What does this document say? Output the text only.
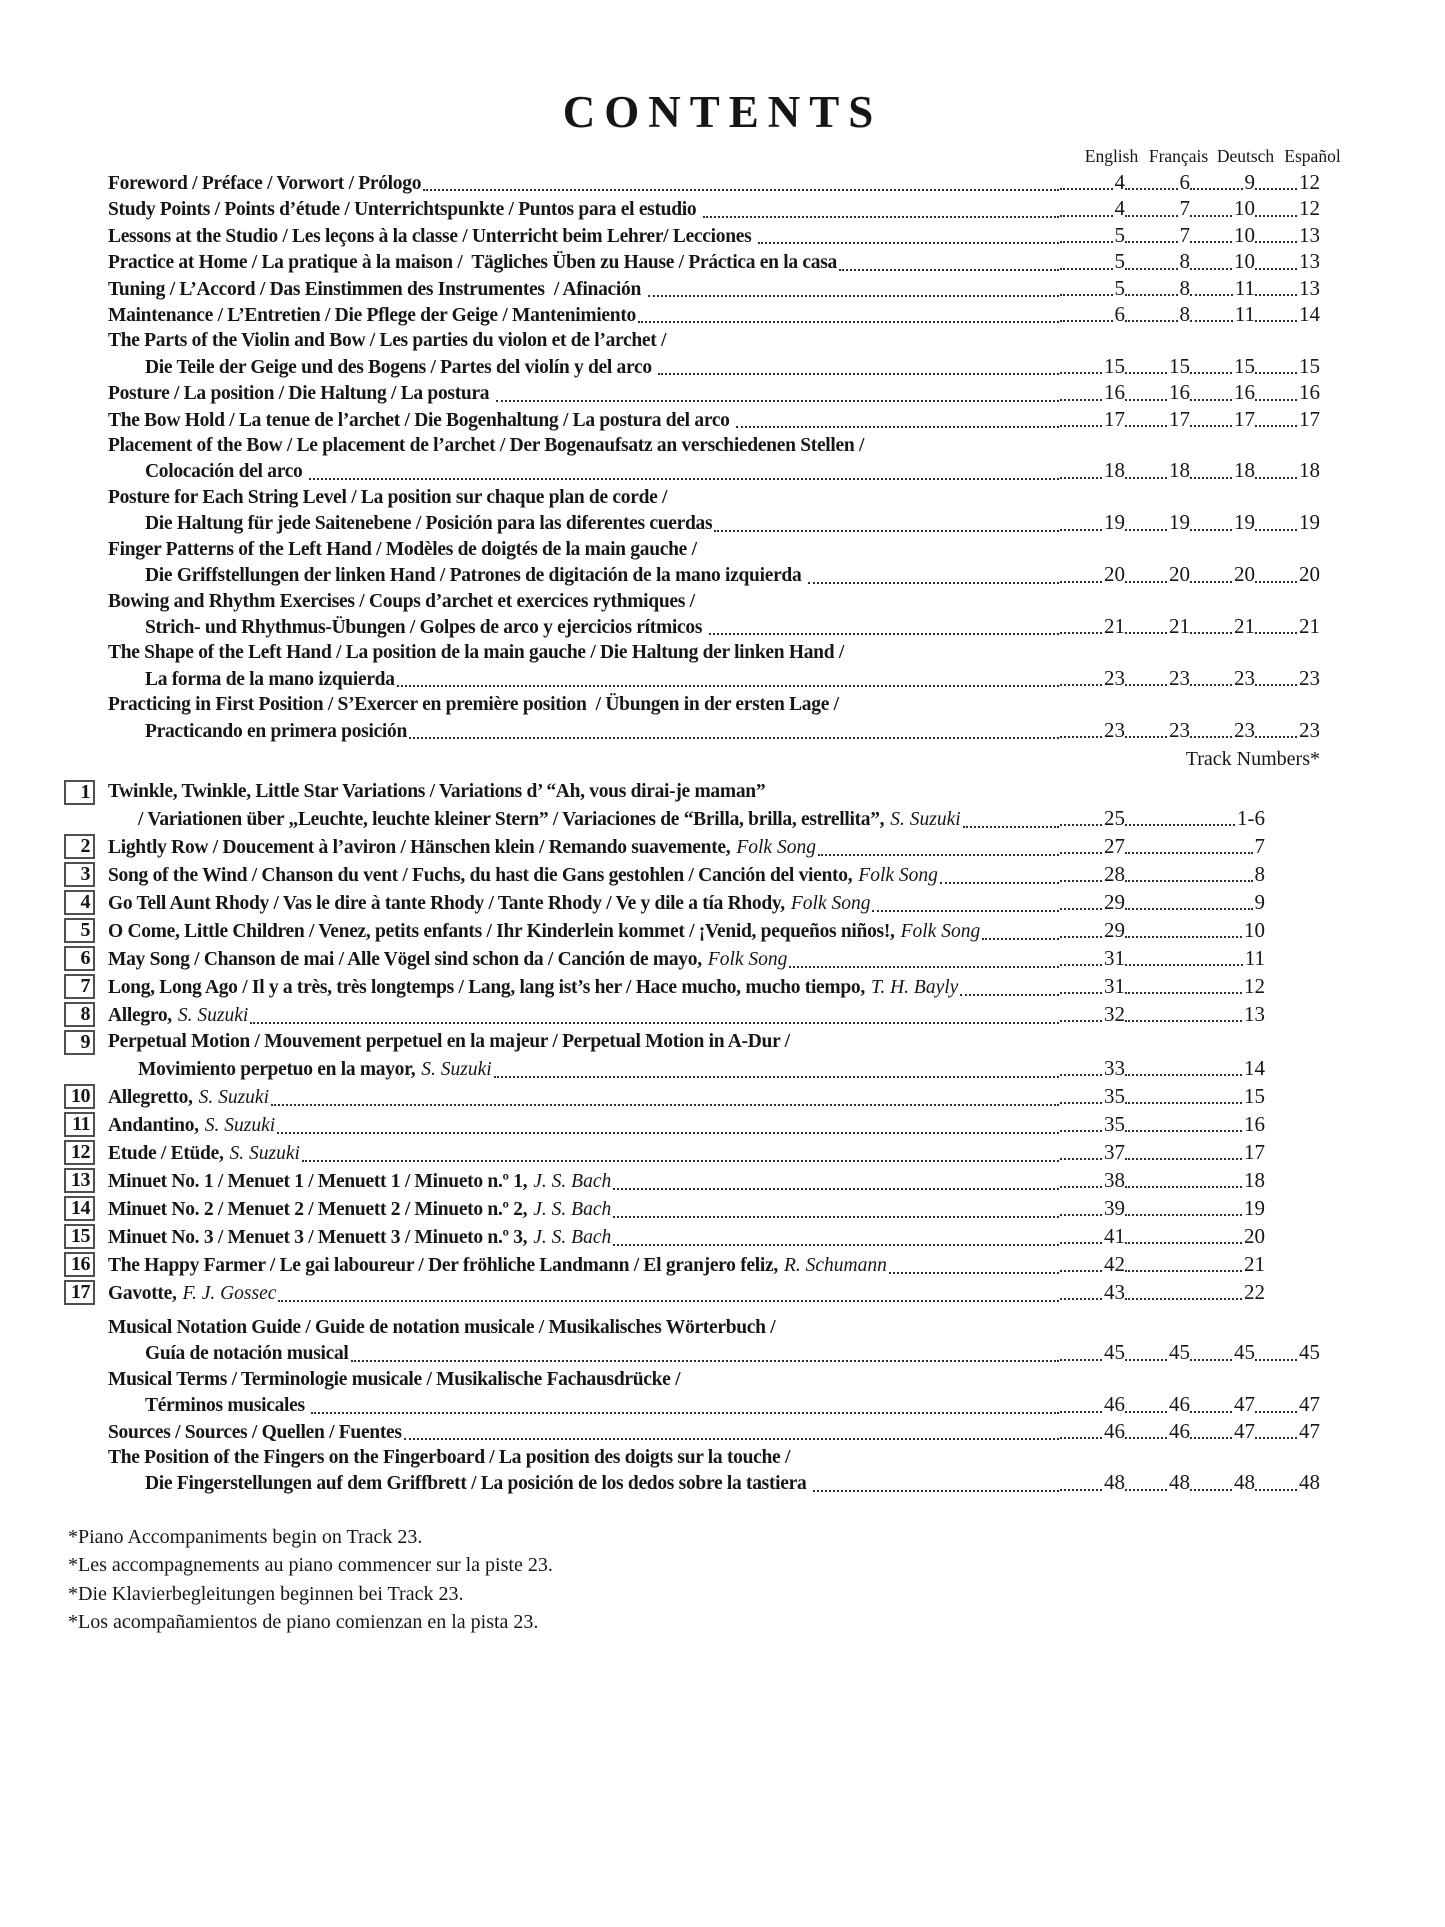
CONTENTS
English Français Deutsch Español
Foreword / Préface / Vorwort / Prólogo	4	6	9 12
Study Points / Points d’étude / Unterrichtspunkte / Puntos para el estudio	4	7 10 12
Lessons at the Studio / Les leçons à la classe / Unterricht beim Lehrer/ Lecciones	5	7 10 13
Practice at Home / La pratique à la maison /  Tägliches Üben zu Hause / Práctica en la casa	5	8 10 13
Tuning / L’Accord / Das Einstimmen des Instrumentes  / Afinación	5	8 11 13
Maintenance / L’Entretien / Die Pflege der Geige / Mantenimiento	6	8 11 14
The Parts of the Violin and Bow / Les parties du violon et de l’archet /
Die Teile der Geige und des Bogens / Partes del violín y del arco	15 15 15 15
Posture / La position / Die Haltung / La postura	16 16 16 16
The Bow Hold / La tenue de l’archet / Die Bogenhaltung / La postura del arco	17 17 17 17
Placement of the Bow / Le placement de l’archet / Der Bogenaufsatz an verschiedenen Stellen /
Colocación del arco	18 18 18 18
Posture for Each String Level / La position sur chaque plan de corde /
Die Haltung für jede Saitenebene / Posición para las diferentes cuerdas	19 19 19 19
Finger Patterns of the Left Hand / Modèles de doigtés de la main gauche /
Die Griffstellungen der linken Hand / Patrones de digitación de la mano izquierda	20 20 20 20
Bowing and Rhythm Exercises / Coups d’archet et exercices rythmiques /
Strich- und Rhythmus-Übungen / Golpes de arco y ejercicios rítmicos	21 21 21 21
The Shape of the Left Hand / La position de la main gauche / Die Haltung der linken Hand /
La forma de la mano izquierda	23 23 23 23
Practicing in First Position / S’Exercer en première position  / Übungen in der ersten Lage /
Practicando en primera posición	23 23 23 23
Track Numbers*
1 Twinkle, Twinkle, Little Star Variations / Variations d’ “Ah, vous dirai-je maman”
/ Variationen über „Leuchte, leuchte kleiner Stern” / Variaciones de “Brilla, brilla, estrellita”, S. Suzuki	25	1-6
2 Lightly Row / Doucement à l’aviron / Hänschen klein / Remando suavemente, Folk Song	27	7
3 Song of the Wind / Chanson du vent / Fuchs, du hast die Gans gestohlen / Canción del viento, Folk Song	28	8
4 Go Tell Aunt Rhody / Vas le dire à tante Rhody / Tante Rhody / Ve y dile a tía Rhody, Folk Song	29	9
5 O Come, Little Children / Venez, petits enfants / Ihr Kinderlein kommet / ¡Venid, pequeños niños!, Folk Song	29	10
6 May Song / Chanson de mai / Alle Vögel sind schon da / Canción de mayo, Folk Song	31	11
7 Long, Long Ago / Il y a très, très longtemps / Lang, lang ist’s her / Hace mucho, mucho tiempo, T. H. Bayly	31	12
8 Allegro, S. Suzuki	32	13
9 Perpetual Motion / Mouvement perpetuel en la majeur / Perpetual Motion in A-Dur /
Movimiento perpetuo en la mayor, S. Suzuki	33	14
10 Allegretto, S. Suzuki	35	15
11 Andantino, S. Suzuki	35	16
12 Etude / Etüde, S. Suzuki	37	17
13 Minuet No. 1 / Menuet 1 / Menuett 1 / Minueto n.º 1, J. S. Bach	38	18
14 Minuet No. 2 / Menuet 2 / Menuett 2 / Minueto n.º 2, J. S. Bach	39	19
15 Minuet No. 3 / Menuet 3 / Menuett 3 / Minueto n.º 3, J. S. Bach	41	20
16 The Happy Farmer / Le gai laboureur / Der fröhliche Landmann / El granjero feliz, R. Schumann	42	21
17 Gavotte, F. J. Gossec	43	22
Musical Notation Guide / Guide de notation musicale / Musikalisches Wörterbuch /
Guía de notación musical	45 45 45 45
Musical Terms / Terminologie musicale / Musikalische Fachausdrücke /
Términos musicales	46 46 47 47
Sources / Sources / Quellen / Fuentes	46 46 47 47
The Position of the Fingers on the Fingerboard / La position des doigts sur la touche /
Die Fingerstellungen auf dem Griffbrett / La posición de los dedos sobre la tastiera	48 48 48 48
*Piano Accompaniments begin on Track 23.
*Les accompagnements au piano commencer sur la piste 23.
*Die Klavierbegleitungen beginnen bei Track 23.
*Los acompañamientos de piano comienzan en la pista 23.
